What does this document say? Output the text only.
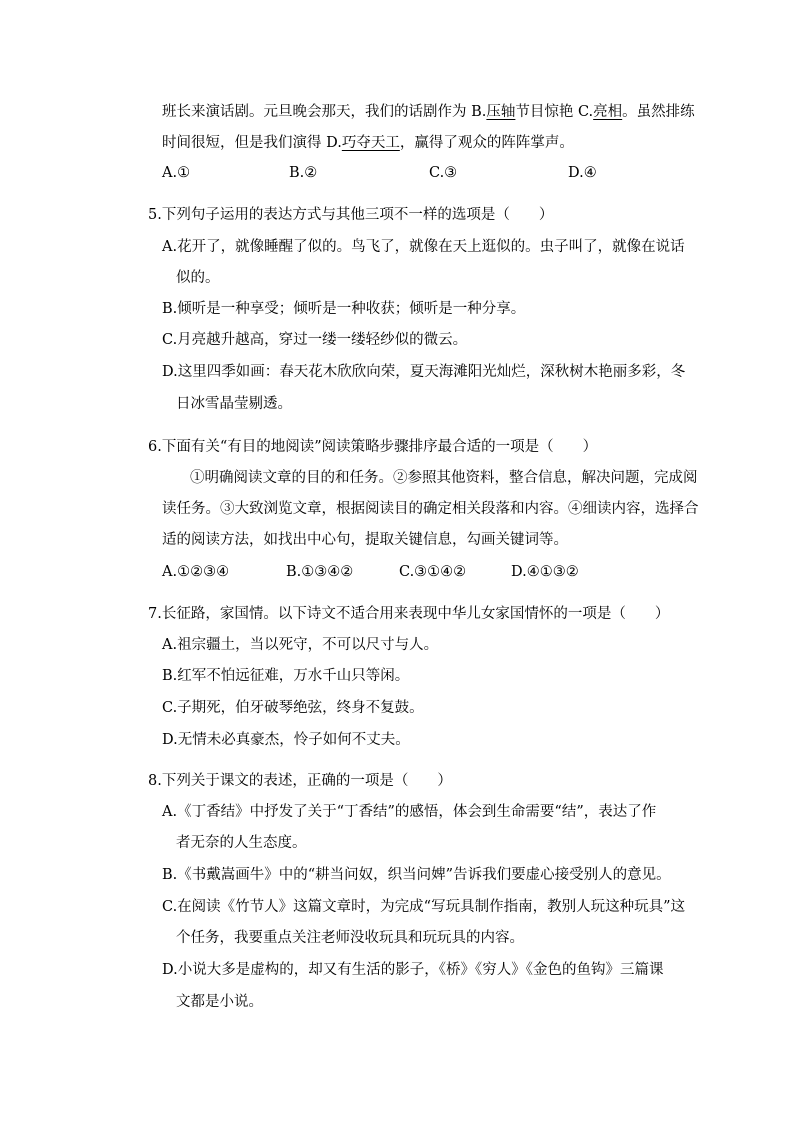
班长来演话剧。元旦晚会那天，我们的话剧作为 B.压轴节目惊艳 C.亮相。虽然排练
时间很短，但是我们演得 D.巧夺天工，赢得了观众的阵阵掌声。
A.①	B.②	C.③	D.④
5.下列句子运用的表达方式与其他三项不一样的选项是（　　）
A.花开了，就像睡醒了似的。鸟飞了，就像在天上逛似的。虫子叫了，就像在说话
似的。
B.倾听是一种享受；倾听是一种收获；倾听是一种分享。
C.月亮越升越高，穿过一缕一缕轻纱似的微云。
D.这里四季如画：春天花木欣欣向荣，夏天海滩阳光灿烂，深秋树木艳丽多彩，冬
日冰雪晶莹剔透。
6.下面有关“有目的地阅读”阅读策略步骤排序最合适的一项是（　　）
①明确阅读文章的目的和任务。②参照其他资料，整合信息，解决问题，完成阅
读任务。③大致浏览文章，根据阅读目的确定相关段落和内容。④细读内容，选择合
适的阅读方法，如找出中心句，提取关键信息，勾画关键词等。
A.①②③④	B.①③④②	C.③①④②	D.④①③②
7.长征路，家国情。以下诗文不适合用来表现中华儿女家国情怀的一项是（　　）
A.祖宗疆土，当以死守，不可以尺寸与人。
B.红军不怕远征难，万水千山只等闲。
C.子期死，伯牙破琴绝弦，终身不复鼓。
D.无情未必真豪杰，怜子如何不丈夫。
8.下列关于课文的表述，正确的一项是（　　）
A.《丁香结》中抒发了关于“丁香结”的感悟，体会到生命需要“结”，表达了作
者无奈的人生态度。
B.《书戴嵩画牛》中的“耕当问奴，织当问婢”告诉我们要虚心接受别人的意见。
C.在阅读《竹节人》这篇文章时，为完成“写玩具制作指南，教别人玩这种玩具”这
个任务，我要重点关注老师没收玩具和玩玩具的内容。
D.小说大多是虚构的，却又有生活的影子，《桥》《穷人》《金色的鱼钩》三篇课
文都是小说。
